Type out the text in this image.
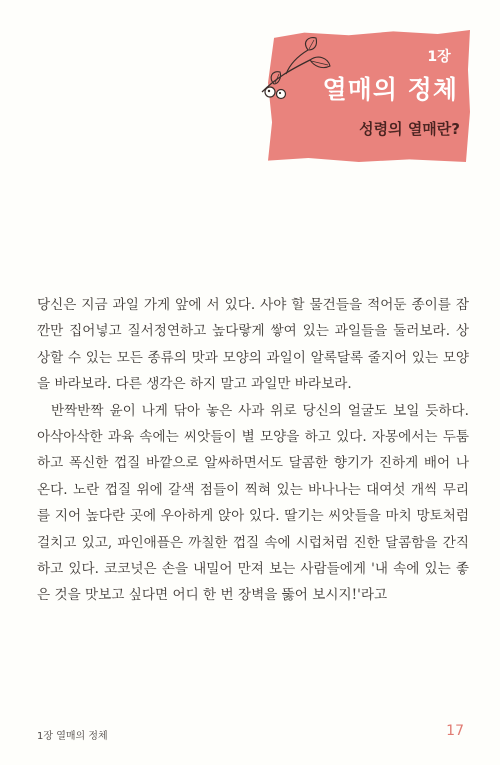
1장
열매의 정체
성령의 열매란?

당신은 지금 과일 가게 앞에 서 있다. 사야 할 물건들을 적어둔 종이를 잠깐만 집어넣고 질서정연하고 높다랗게 쌓여 있는 과일들을 둘러보라. 상상할 수 있는 모든 종류의 맛과 모양의 과일이 알록달록 줄지어 있는 모양을 바라보라. 다른 생각은 하지 말고 과일만 바라보라.

반짝반짝 윤이 나게 닦아 놓은 사과 위로 당신의 얼굴도 보일 듯하다. 아삭아삭한 과육 속에는 씨앗들이 별 모양을 하고 있다. 자몽에서는 두툼하고 폭신한 껍질 바깥으로 알싸하면서도 달콤한 향기가 진하게 배어 나온다. 노란 껍질 위에 갈색 점들이 찍혀 있는 바나나는 대여섯 개씩 무리를 지어 높다란 곳에 우아하게 앉아 있다. 딸기는 씨앗들을 마치 망토처럼 걸치고 있고, 파인애플은 까칠한 껍질 속에 시럽처럼 진한 달콤함을 간직하고 있다. 코코넛은 손을 내밀어 만져 보는 사람들에게 '내 속에 있는 좋은 것을 맛보고 싶다면 어디 한 번 장벽을 뚫어 보시지!'라고

1장 열매의 정체	17
